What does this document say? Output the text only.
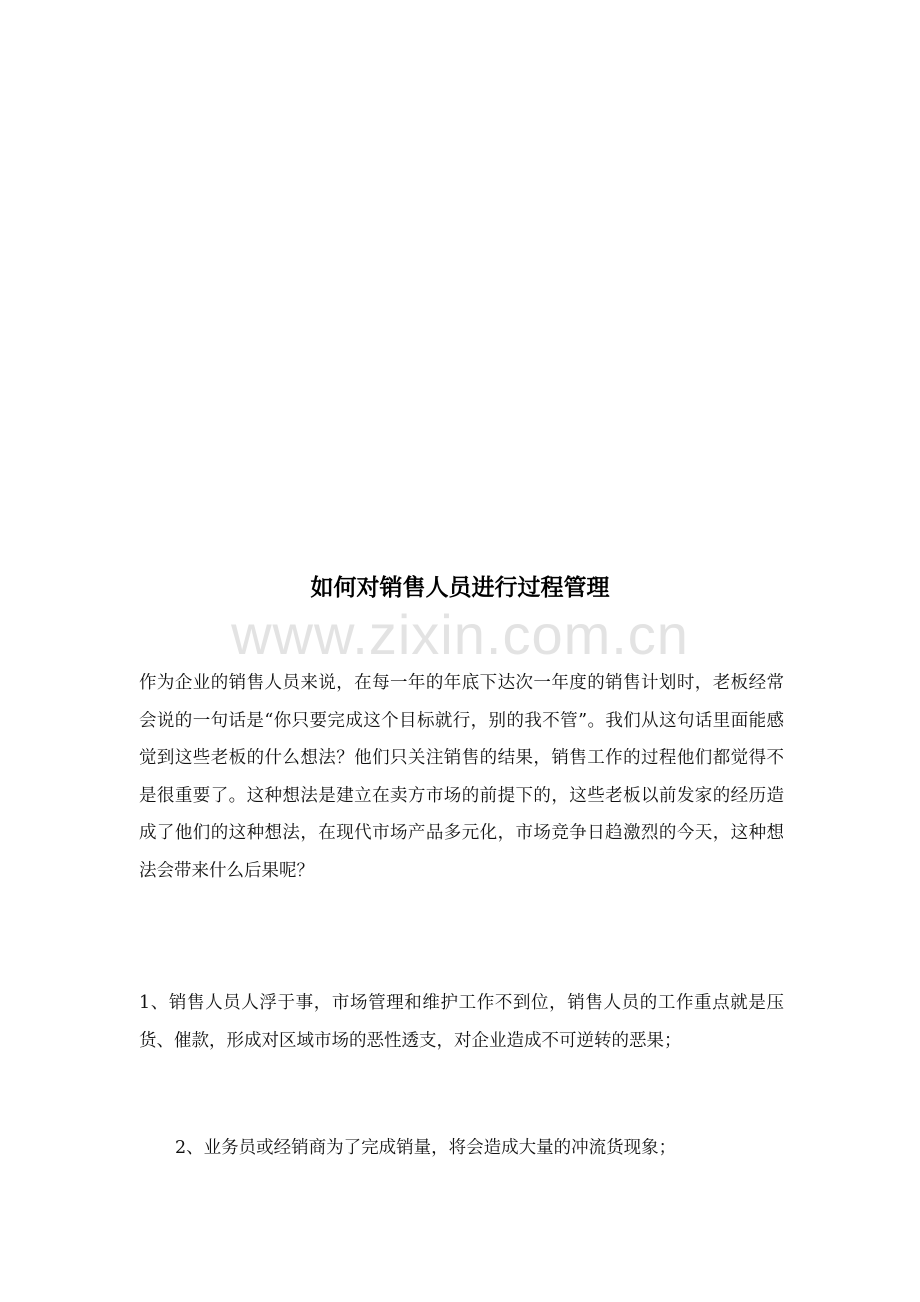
www.zixin.com.cn
如何对销售人员进行过程管理

作为企业的销售人员来说，在每一年的年底下达次一年度的销售计划时，老板经常会说的一句话是“你只要完成这个目标就行，别的我不管”。我们从这句话里面能感觉到这些老板的什么想法？他们只关注销售的结果，销售工作的过程他们都觉得不是很重要了。这种想法是建立在卖方市场的前提下的，这些老板以前发家的经历造成了他们的这种想法，在现代市场产品多元化，市场竞争日趋激烈的今天，这种想法会带来什么后果呢？

1、销售人员人浮于事，市场管理和维护工作不到位，销售人员的工作重点就是压货、催款，形成对区域市场的恶性透支，对企业造成不可逆转的恶果；

2、业务员或经销商为了完成销量，将会造成大量的冲流货现象；
